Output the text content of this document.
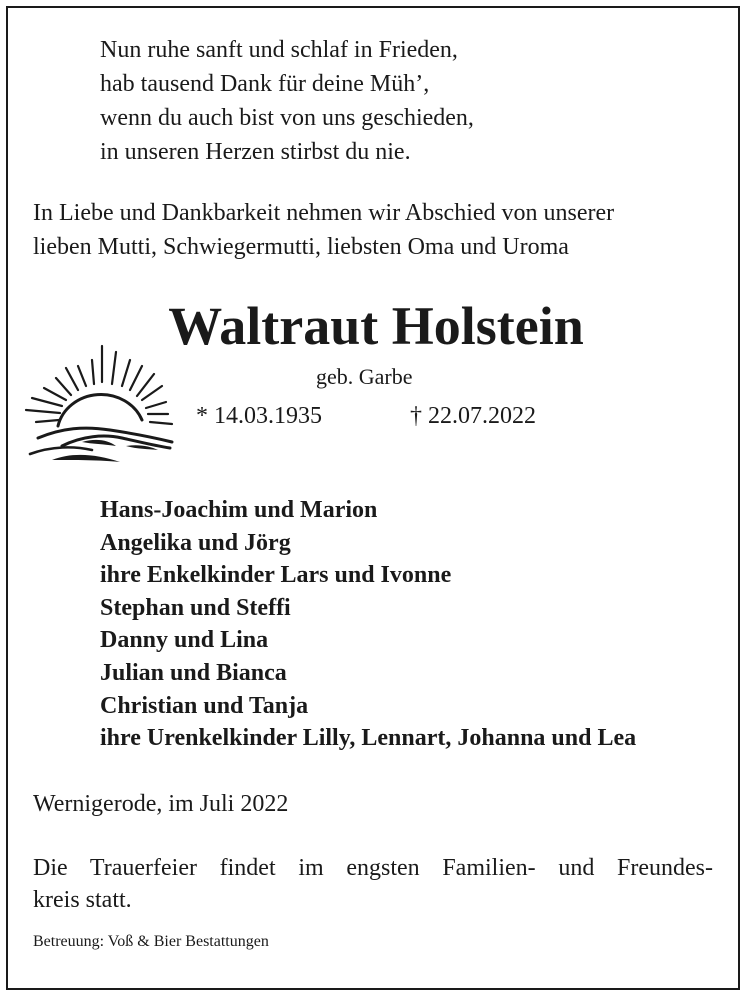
Nun ruhe sanft und schlaf in Frieden,
hab tausend Dank für deine Müh’,
wenn du auch bist von uns geschieden,
in unseren Herzen stirbst du nie.
In Liebe und Dankbarkeit nehmen wir Abschied von unserer
lieben Mutti, Schwiegermutti, liebsten Oma und Uroma
Waltraut Holstein
geb. Garbe
* 14.03.1935	† 22.07.2022
Hans-Joachim und Marion
Angelika und Jörg
ihre Enkelkinder Lars und Ivonne
Stephan und Steffi
Danny und Lina
Julian und Bianca
Christian und Tanja
ihre Urenkelkinder Lilly, Lennart, Johanna und Lea
Wernigerode, im Juli 2022
Die Trauerfeier findet im engsten Familien- und Freundes-
kreis statt.
Betreuung: Voß & Bier Bestattungen
